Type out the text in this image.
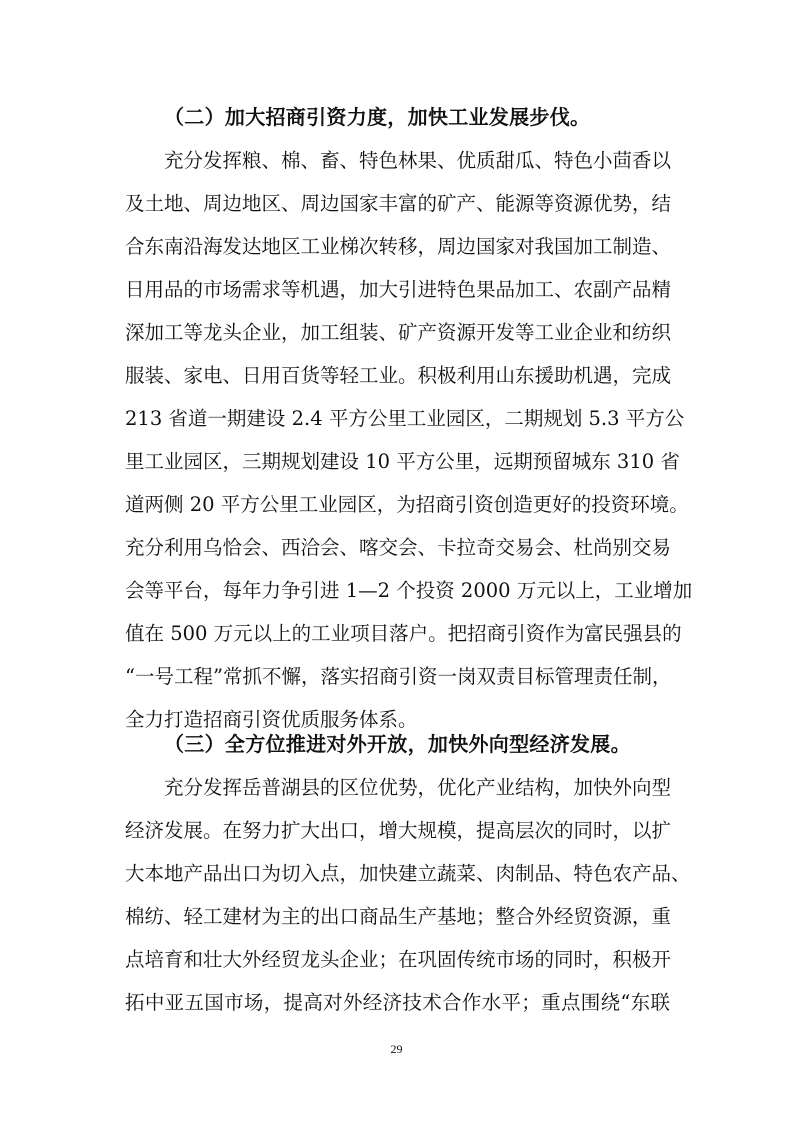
（二）加大招商引资力度，加快工业发展步伐。

充分发挥粮、棉、畜、特色林果、优质甜瓜、特色小茴香以

及土地、周边地区、周边国家丰富的矿产、能源等资源优势，结

合东南沿海发达地区工业梯次转移，周边国家对我国加工制造、

日用品的市场需求等机遇，加大引进特色果品加工、农副产品精

深加工等龙头企业，加工组装、矿产资源开发等工业企业和纺织

服装、家电、日用百货等轻工业。积极利用山东援助机遇，完成

213 省道一期建设 2.4 平方公里工业园区，二期规划 5.3 平方公

里工业园区，三期规划建设 10 平方公里，远期预留城东 310 省

道两侧 20 平方公里工业园区，为招商引资创造更好的投资环境。

充分利用乌恰会、西洽会、喀交会、卡拉奇交易会、杜尚别交易

会等平台，每年力争引进 1—2 个投资 2000 万元以上，工业增加

值在 500 万元以上的工业项目落户。把招商引资作为富民强县的

“一号工程”常抓不懈，落实招商引资一岗双责目标管理责任制，

全力打造招商引资优质服务体系。

（三）全方位推进对外开放，加快外向型经济发展。

充分发挥岳普湖县的区位优势，优化产业结构，加快外向型

经济发展。在努力扩大出口，增大规模，提高层次的同时，以扩

大本地产品出口为切入点，加快建立蔬菜、肉制品、特色农产品、

棉纺、轻工建材为主的出口商品生产基地；整合外经贸资源，重

点培育和壮大外经贸龙头企业；在巩固传统市场的同时，积极开

拓中亚五国市场，提高对外经济技术合作水平；重点围绕“东联

29
